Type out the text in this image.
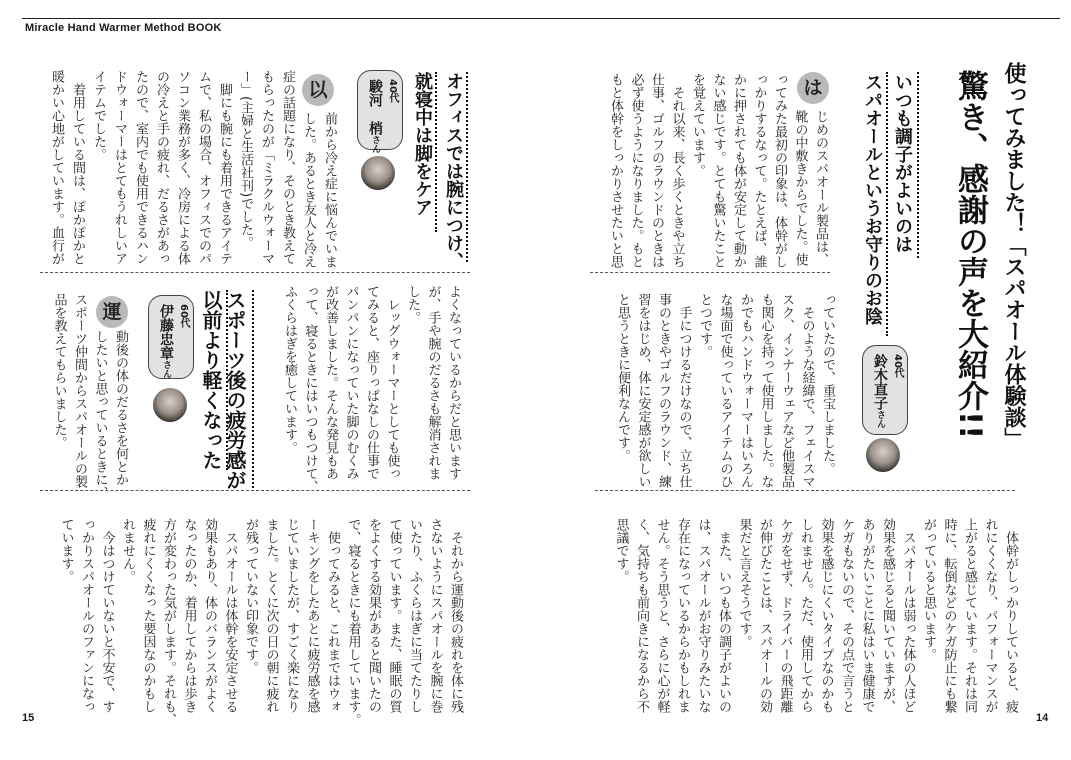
Miracle Hand Warmer Method BOOK
15	14
使ってみました！「スパオール体験談」
驚き、感謝の声を大紹介!!
いつも調子がよいのは
スパオールというお守りのお陰
40代
鈴木直子さん
は
じめのスパオール製品は、
靴の中敷きからでした。使
ってみた最初の印象は、体幹がし
っかりするなって。たとえば、誰
かに押されても体が安定して動か
ない感じです。とても驚いたこと
を覚えています。
　それ以来、長く歩くときや立ち
仕事、ゴルフのラウンドのときは
必ず使うようになりました。もと
もと体幹をしっかりさせたいと思
っていたので、重宝しました。
　そのような経緯で、フェイスマ
スク、インナーウェアなど他製品
も関心を持って使用しました。な
かでもハンドウォーマーはいろん
な場面で使っているアイテムのひ
とつです。
　手につけるだけなので、立ち仕
事のときやゴルフのラウンド、練
習をはじめ、体に安定感が欲しい
と思うときに便利なんです。
　体幹がしっかりしていると、疲
れにくくなり、パフォーマンスが
上がると感じています。それは同
時に、転倒などのケガ防止にも繋
がっていると思います。
　スパオールは弱った体の人ほど
効果を感じると聞いていますが、
ありがたいことに私はいま健康で
ケガもないので、その点で言うと
効果を感じにくいタイプなのかも
しれません。ただ、使用してから
ケガをせず、ドライバーの飛距離
が伸びたことは、スパオールの効
果だと言えそうです。
　また、いつも体の調子がよいの
は、スパオールがお守りみたいな
存在になっているからかもしれま
せん。そう思うと、さらに心が軽
く、気持ちも前向きになるから不
思議です。
オフィスでは腕につけ、
就寝中は脚をケア
40代
駿河　梢さん
以
前から冷え症に悩んでいま
した。あるとき友人と冷え
症の話題になり、そのとき教えて
もらったのが「ミラクルウォーマ
ー」(主婦と生活社刊)でした。
　脚にも腕にも着用できるアイテ
ムで、私の場合、オフィスでのパ
ソコン業務が多く、冷房による体
の冷えと手の疲れ、だるさがあっ
たので、室内でも使用できるハン
ドウォーマーはとてもうれしいア
イテムでした。
　着用している間は、ぽかぽかと
暖かい心地がしています。血行が
よくなっているからだと思います
が、手や腕のだるさも解消されま
した。
　レッグウォーマーとしても使っ
てみると、座りっぱなしの仕事で
パンパンになっていた脚のむくみ
が改善しました。そんな発見もあ
って、寝るときにはいつもつけて、
ふくらはぎを癒しています。
スポーツ後の疲労感が
以前より軽くなった
60代
伊藤忠章さん
運
動後の体のだるさを何とか
したいと思っているときに、
スポーツ仲間からスパオールの製
品を教えてもらいました。
　それから運動後の疲れを体に残
さないようにスパオールを腕に巻
いたり、ふくらはぎに当てたりし
て使っています。また、睡眠の質
をよくする効果があると聞いたの
で、寝るときにも着用しています。
　使ってみると、これまではウォ
ーキングをしたあとに疲労感を感
じていましたが、すごく楽になり
ました。とくに次の日の朝に疲れ
が残っていない印象です。
　スパオールは体幹を安定させる
効果もあり、体のバランスがよく
なったのか、着用してからは歩き
方が変わった気がします。それも、
疲れにくくなった要因なのかもし
れません。
　今はつけていないと不安で、す
っかりスパオールのファンになっ
ています。
